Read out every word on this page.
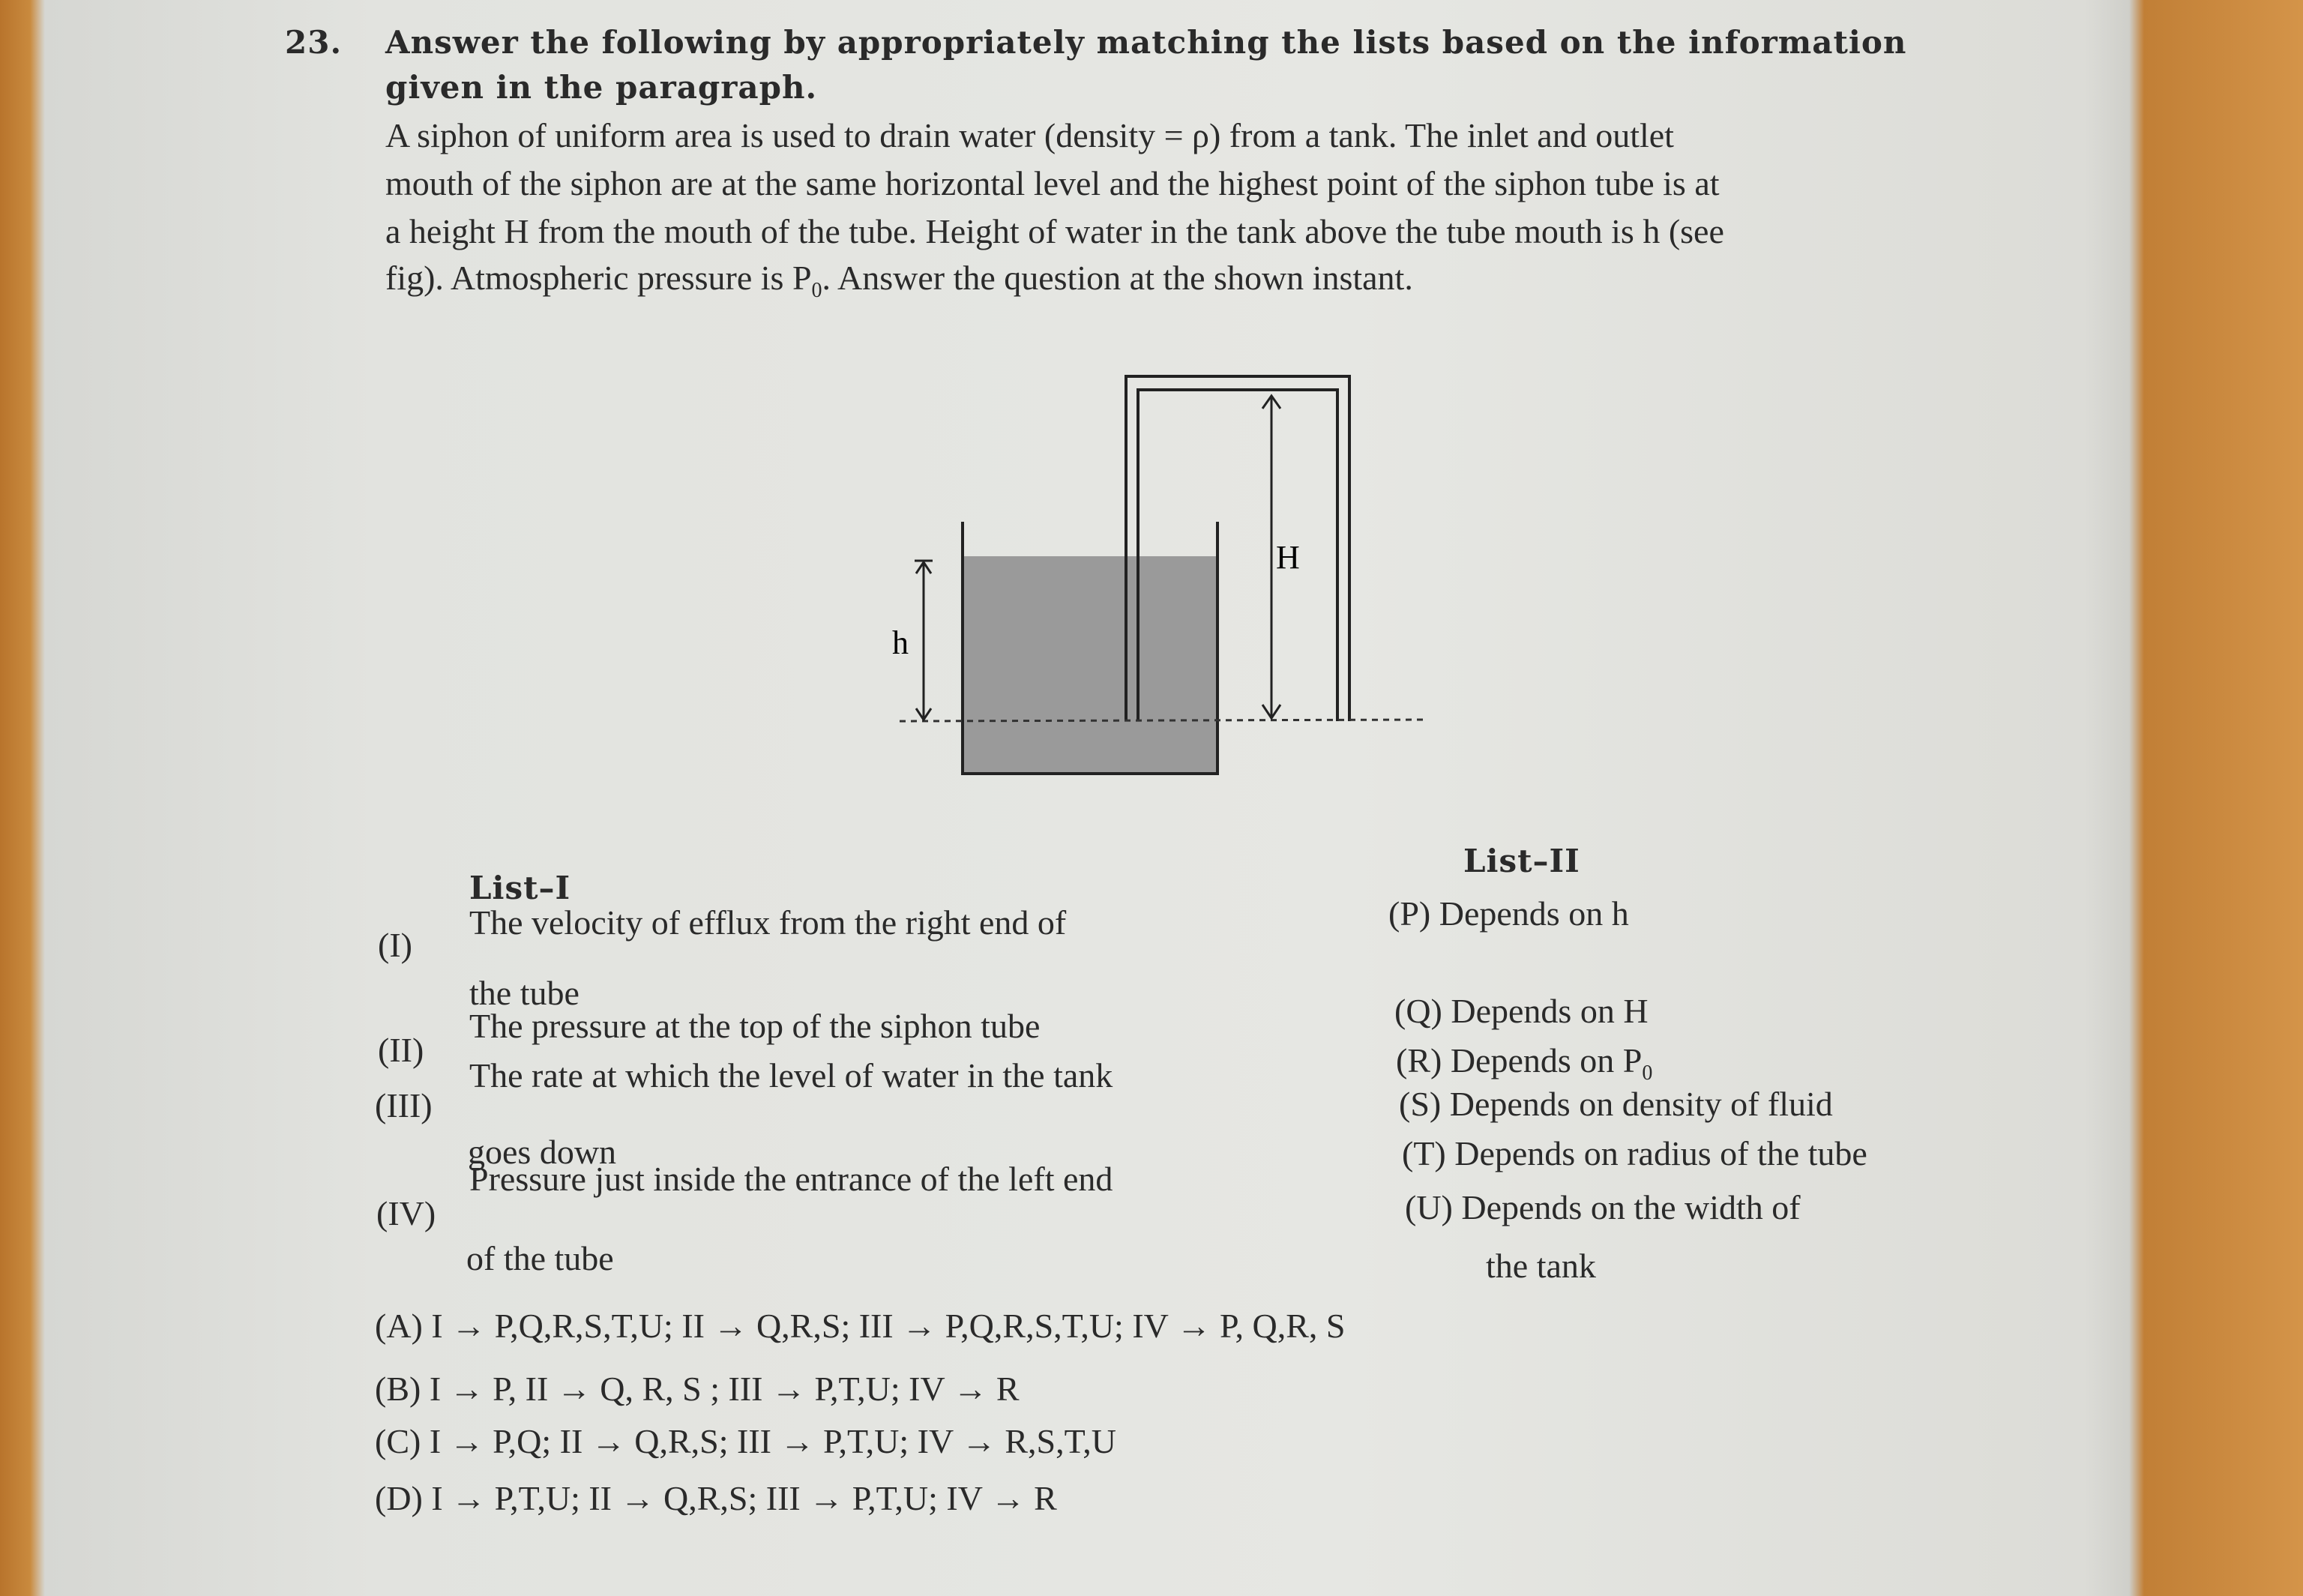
23. Answer the following by appropriately matching the lists based on the information
given in the paragraph.
A siphon of uniform area is used to drain water (density = ρ) from a tank. The inlet and outlet
mouth of the siphon are at the same horizontal level and the highest point of the siphon tube is at
a height H from the mouth of the tube. Height of water in the tank above the tube mouth is h (see
fig). Atmospheric pressure is $P_0$. Answer the question at the shown instant.
h
H
List–I
List–II
(I)
The velocity of efflux from the right end of
the tube
(II)
The pressure at the top of the siphon tube
(III)
The rate at which the level of water in the tank
goes down
(IV)
Pressure just inside the entrance of the left end
of the tube
(P) Depends on h
(Q) Depends on H
(R) Depends on $P_0$
(S) Depends on density of fluid
(T) Depends on radius of the tube
(U) Depends on the width of
the tank
(A) I → P,Q,R,S,T,U; II → Q,R,S; III → P,Q,R,S,T,U; IV → P, Q,R, S
(B) I → P, II → Q, R, S ; III → P,T,U; IV → R
(C) I → P,Q; II → Q,R,S; III → P,T,U; IV → R,S,T,U
(D) I → P,T,U; II → Q,R,S; III → P,T,U; IV → R
